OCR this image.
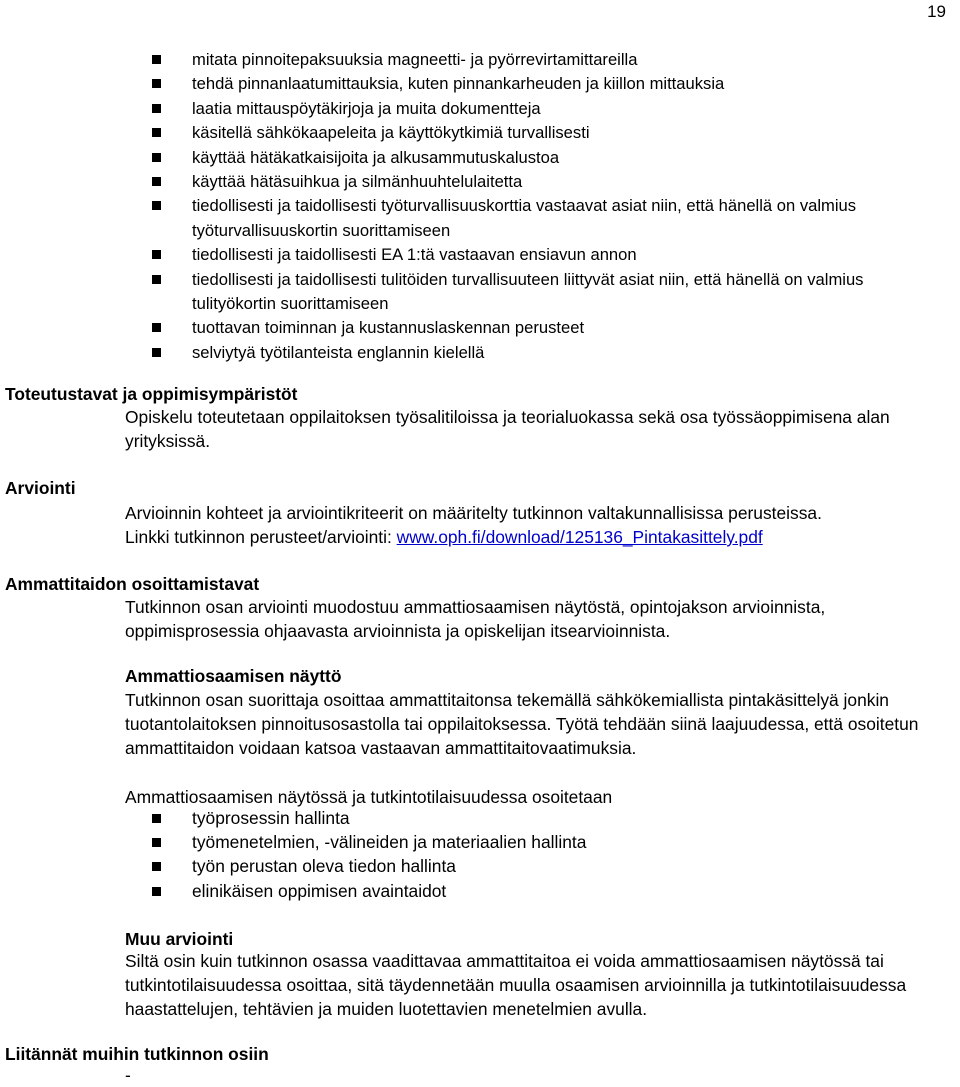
19
mitata pinnoitepaksuuksia magneetti- ja pyörrevirtamittareilla
tehdä pinnanlaatumittauksia, kuten pinnankarheuden ja kiillon mittauksia
laatia mittauspöytäkirjoja ja muita dokumentteja
käsitellä sähkökaapeleita ja käyttökytkimiä turvallisesti
käyttää hätäkatkaisijoita ja alkusammutuskalustoa
käyttää hätäsuihkua ja silmänhuuhtelulaitetta
tiedollisesti ja taidollisesti työturvallisuuskorttia vastaavat asiat niin, että hänellä on valmius työturvallisuuskortin suorittamiseen
tiedollisesti ja taidollisesti EA 1:tä vastaavan ensiavun annon
tiedollisesti ja taidollisesti tulitöiden turvallisuuteen liittyvät asiat niin, että hänellä on valmius tulityökortin suorittamiseen
tuottavan toiminnan ja kustannuslaskennan perusteet
selviytyä työtilanteista englannin kielellä
Toteutustavat ja oppimisympäristöt
Opiskelu toteutetaan oppilaitoksen työsalitiloissa ja teorialuokassa sekä osa työssäoppimisena alan yrityksissä.
Arviointi
Arvioinnin kohteet ja arviointikriteerit on määritelty tutkinnon valtakunnallisissa perusteissa.
Linkki tutkinnon perusteet/arviointi: www.oph.fi/download/125136_Pintakasittely.pdf
Ammattitaidon osoittamistavat
Tutkinnon osan arviointi muodostuu ammattiosaamisen näytöstä, opintojakson arvioinnista, oppimisprosessia ohjaavasta arvioinnista ja opiskelijan itsearvioinnista.
Ammattiosaamisen näyttö
Tutkinnon osan suorittaja osoittaa ammattitaitonsa tekemällä sähkökemiallista pintakäsittelyä jonkin tuotantolaitoksen pinnoitusosastolla tai oppilaitoksessa. Työtä tehdään siinä laajuudessa, että osoitetun ammattitaidon voidaan katsoa vastaavan ammattitaitovaatimuksia.
Ammattiosaamisen näytössä ja tutkintotilaisuudessa osoitetaan
työprosessin hallinta
työmenetelmien, -välineiden ja materiaalien hallinta
työn perustan oleva tiedon hallinta
elinikäisen oppimisen avaintaidot
Muu arviointi
Siltä osin kuin tutkinnon osassa vaadittavaa ammattitaitoa ei voida ammattiosaamisen näytössä tai tutkintotilaisuudessa osoittaa, sitä täydennetään muulla osaamisen arvioinnilla ja tutkintotilaisuudessa haastattelujen, tehtävien ja muiden luotettavien menetelmien avulla.
Liitännät muihin tutkinnon osiin
-
